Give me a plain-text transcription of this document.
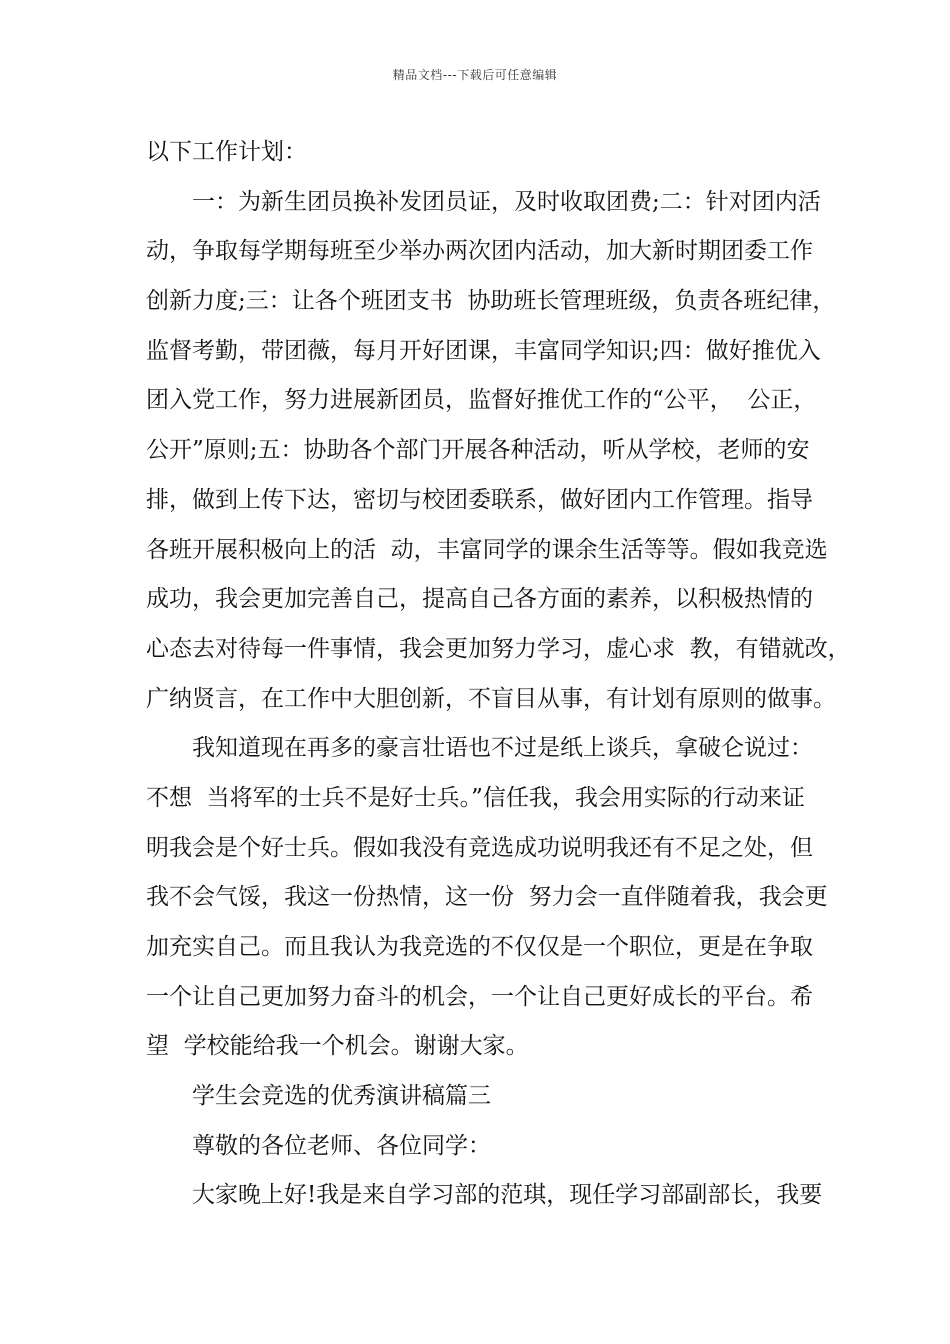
精品文档---下载后可任意编辑
以下工作计划：
一：为新生团员换补发团员证，及时收取团费;二：针对团内活
动，争取每学期每班至少举办两次团内活动，加大新时期团委工作
创新力度;三：让各个班团支书  协助班长管理班级，负责各班纪律，
监督考勤，带团薇，每月开好团课，丰富同学知识;四：做好推优入
团入党工作，努力进展新团员，监督好推优工作的“公平，  公正，
公开”原则;五：协助各个部门开展各种活动，听从学校，老师的安
排，做到上传下达，密切与校团委联系，做好团内工作管理。指导
各班开展积极向上的活  动，丰富同学的课余生活等等。假如我竞选
成功，我会更加完善自己，提高自己各方面的素养，以积极热情的
心态去对待每一件事情，我会更加努力学习，虚心求  教，有错就改，
广纳贤言，在工作中大胆创新，不盲目从事，有计划有原则的做事。
我知道现在再多的豪言壮语也不过是纸上谈兵，拿破仑说过：
不想  当将军的士兵不是好士兵。”信任我，我会用实际的行动来证
明我会是个好士兵。假如我没有竞选成功说明我还有不足之处，但
我不会气馁，我这一份热情，这一份  努力会一直伴随着我，我会更
加充实自己。而且我认为我竞选的不仅仅是一个职位，更是在争取
一个让自己更加努力奋斗的机会，一个让自己更好成长的平台。希
望  学校能给我一个机会。谢谢大家。
学生会竞选的优秀演讲稿篇三
尊敬的各位老师、各位同学：
大家晚上好!我是来自学习部的范琪，现任学习部副部长，我要
